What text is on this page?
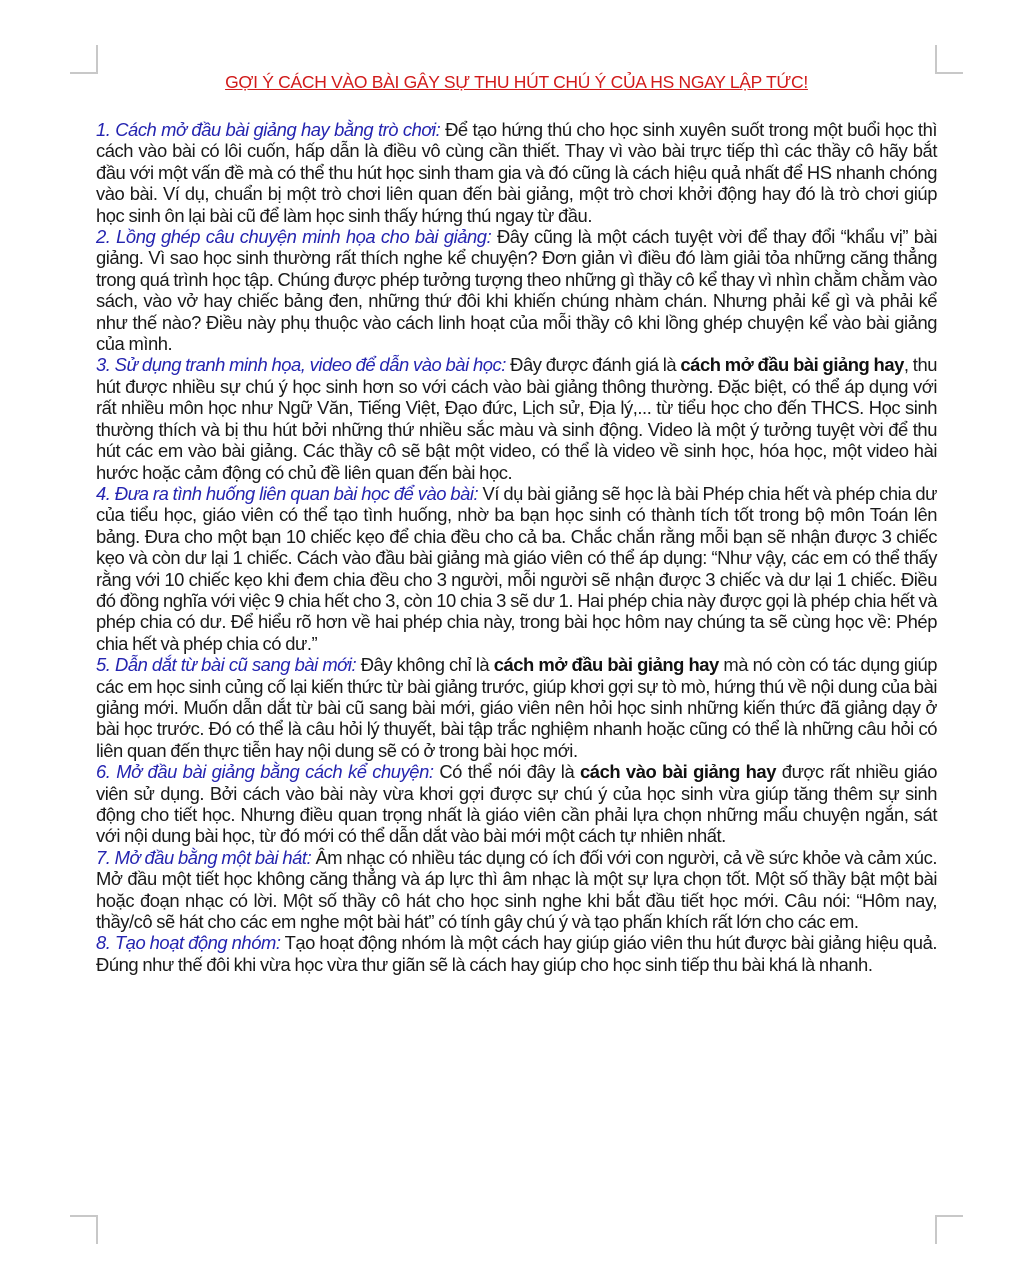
GỢI Ý CÁCH VÀO BÀI GÂY SỰ THU HÚT CHÚ Ý CỦA HS NGAY LẬP TỨC!

1. Cách mở đầu bài giảng hay bằng trò chơi: Để tạo hứng thú cho học sinh xuyên suốt trong một buổi học thì cách vào bài có lôi cuốn, hấp dẫn là điều vô cùng cần thiết. Thay vì vào bài trực tiếp thì các thầy cô hãy bắt đầu với một vấn đề mà có thể thu hút học sinh tham gia và đó cũng là cách hiệu quả nhất để HS nhanh chóng vào bài. Ví dụ, chuẩn bị một trò chơi liên quan đến bài giảng, một trò chơi khởi động hay đó là trò chơi giúp học sinh ôn lại bài cũ để làm học sinh thấy hứng thú ngay từ đầu.

2. Lồng ghép câu chuyện minh họa cho bài giảng: Đây cũng là một cách tuyệt vời để thay đổi “khẩu vị” bài giảng. Vì sao học sinh thường rất thích nghe kể chuyện? Đơn giản vì điều đó làm giải tỏa những căng thẳng trong quá trình học tập. Chúng được phép tưởng tượng theo những gì thầy cô kể thay vì nhìn chằm chằm vào sách, vào vở hay chiếc bảng đen, những thứ đôi khi khiến chúng nhàm chán. Nhưng phải kể gì và phải kể như thế nào? Điều này phụ thuộc vào cách linh hoạt của mỗi thầy cô khi lồng ghép chuyện kể vào bài giảng của mình.

3. Sử dụng tranh minh họa, video để dẫn vào bài học: Đây được đánh giá là cách mở đầu bài giảng hay, thu hút được nhiều sự chú ý học sinh hơn so với cách vào bài giảng thông thường. Đặc biệt, có thể áp dụng với rất nhiều môn học như Ngữ Văn, Tiếng Việt, Đạo đức, Lịch sử, Địa lý,... từ tiểu học cho đến THCS. Học sinh thường thích và bị thu hút bởi những thứ nhiều sắc màu và sinh động. Video là một ý tưởng tuyệt vời để thu hút các em vào bài giảng. Các thầy cô sẽ bật một video, có thể là video về sinh học, hóa học, một video hài hước hoặc cảm động có chủ đề liên quan đến bài học.

4. Đưa ra tình huống liên quan bài học để vào bài: Ví dụ bài giảng sẽ học là bài Phép chia hết và phép chia dư của tiểu học, giáo viên có thể tạo tình huống, nhờ ba bạn học sinh có thành tích tốt trong bộ môn Toán lên bảng. Đưa cho một bạn 10 chiếc kẹo để chia đều cho cả ba. Chắc chắn rằng mỗi bạn sẽ nhận được 3 chiếc kẹo và còn dư lại 1 chiếc. Cách vào đầu bài giảng mà giáo viên có thể áp dụng: “Như vậy, các em có thể thấy rằng với 10 chiếc kẹo khi đem chia đều cho 3 người, mỗi người sẽ nhận được 3 chiếc và dư lại 1 chiếc. Điều đó đồng nghĩa với việc 9 chia hết cho 3, còn 10 chia 3 sẽ dư 1. Hai phép chia này được gọi là phép chia hết và phép chia có dư. Để hiểu rõ hơn về hai phép chia này, trong bài học hôm nay chúng ta sẽ cùng học về: Phép chia hết và phép chia có dư.”

5. Dẫn dắt từ bài cũ sang bài mới: Đây không chỉ là cách mở đầu bài giảng hay mà nó còn có tác dụng giúp các em học sinh củng cố lại kiến thức từ bài giảng trước, giúp khơi gợi sự tò mò, hứng thú về nội dung của bài giảng mới. Muốn dẫn dắt từ bài cũ sang bài mới, giáo viên nên hỏi học sinh những kiến thức đã giảng dạy ở bài học trước. Đó có thể là câu hỏi lý thuyết, bài tập trắc nghiệm nhanh hoặc cũng có thể là những câu hỏi có liên quan đến thực tiễn hay nội dung sẽ có ở trong bài học mới.

6. Mở đầu bài giảng bằng cách kể chuyện: Có thể nói đây là cách vào bài giảng hay được rất nhiều giáo viên sử dụng. Bởi cách vào bài này vừa khơi gợi được sự chú ý của học sinh vừa giúp tăng thêm sự sinh động cho tiết học. Nhưng điều quan trọng nhất là giáo viên cần phải lựa chọn những mẩu chuyện ngắn, sát với nội dung bài học, từ đó mới có thể dẫn dắt vào bài mới một cách tự nhiên nhất.

7. Mở đầu bằng một bài hát: Âm nhạc có nhiều tác dụng có ích đối với con người, cả về sức khỏe và cảm xúc. Mở đầu một tiết học không căng thẳng và áp lực thì âm nhạc là một sự lựa chọn tốt. Một số thầy bật một bài hoặc đoạn nhạc có lời. Một số thầy cô hát cho học sinh nghe khi bắt đầu tiết học mới. Câu nói: “Hôm nay, thầy/cô sẽ hát cho các em nghe một bài hát” có tính gây chú ý và tạo phấn khích rất lớn cho các em.

8. Tạo hoạt động nhóm: Tạo hoạt động nhóm là một cách hay giúp giáo viên thu hút được bài giảng hiệu quả. Đúng như thế đôi khi vừa học vừa thư giãn sẽ là cách hay giúp cho học sinh tiếp thu bài khá là nhanh.
